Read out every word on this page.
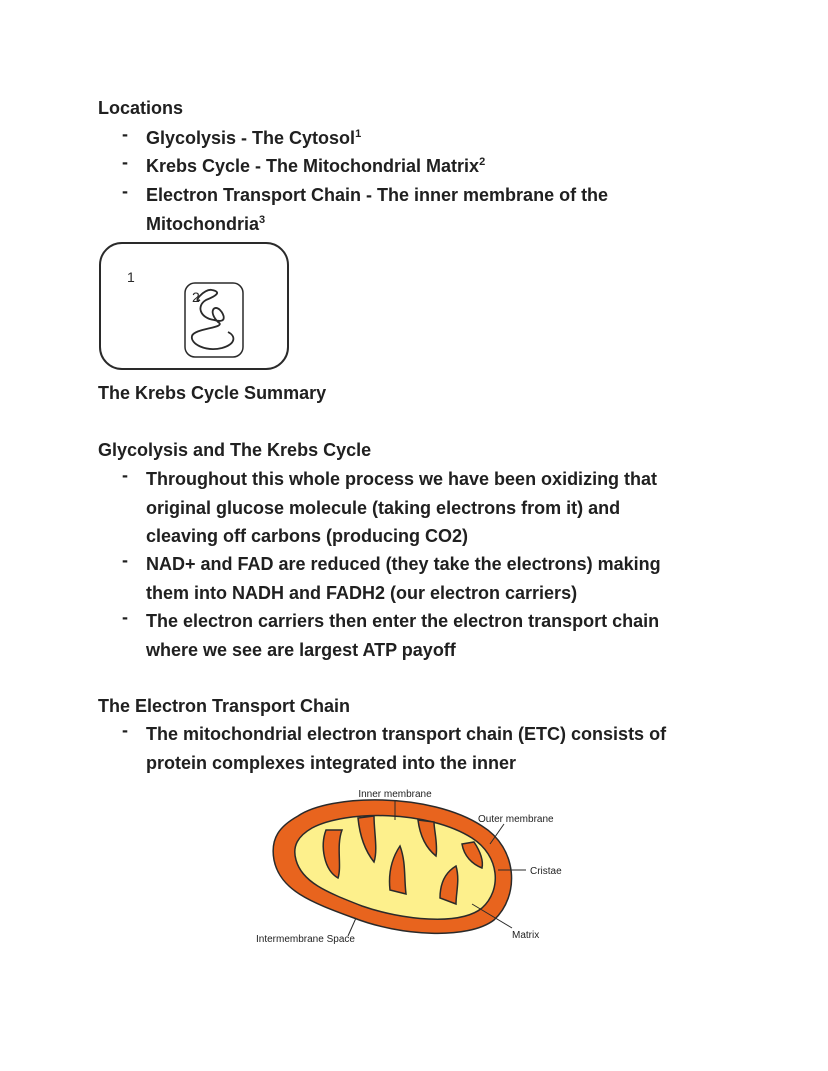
Locations
-	Glycolysis - The Cytosol$^1$
-	Krebs Cycle - The Mitochondrial Matrix$^2$
-	Electron Transport Chain - The inner membrane of the
Mitochondria$^3$
1
2
The Krebs Cycle Summary
Glycolysis and The Krebs Cycle
-	Throughout this whole process we have been oxidizing that
original glucose molecule (taking electrons from it) and
cleaving off carbons (producing CO2)
-	NAD+ and FAD are reduced (they take the electrons) making
them into NADH and FADH2 (our electron carriers)
-	The electron carriers then enter the electron transport chain
where we see are largest ATP payoff
The Electron Transport Chain
-	The mitochondrial electron transport chain (ETC) consists of
protein complexes integrated into the inner
Inner membrane
Outer membrane
Cristae
Intermembrane Space	Matrix
